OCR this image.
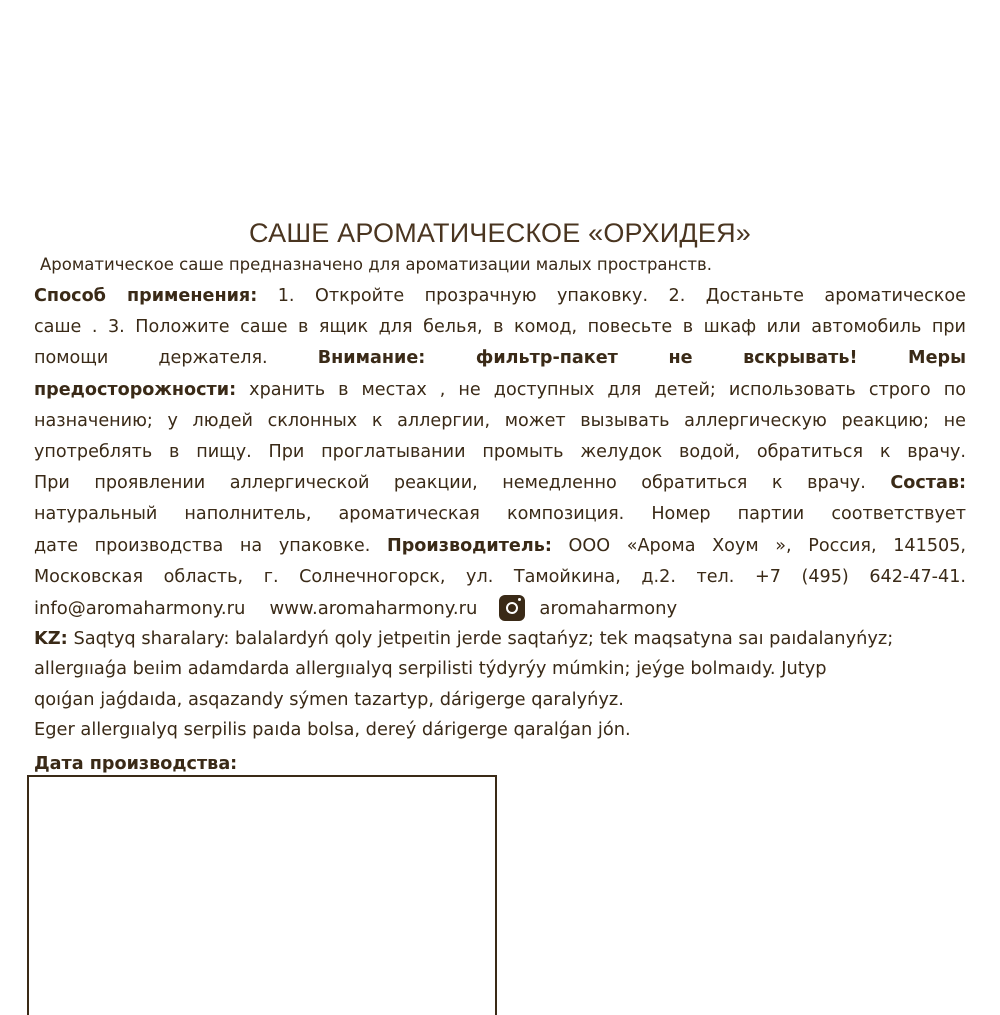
САШЕ АРОМАТИЧЕСКОЕ «ОРХИДЕЯ»
Ароматическое саше предназначено для ароматизации малых пространств.
Способ применения: 1. Откройте прозрачную упаковку. 2. Достаньте ароматическое
саше . 3. Положите саше в ящик для белья, в комод, повесьте в шкаф или автомобиль при
помощи держателя.	Внимание: фильтр-пакет не вскрывать! Меры
предосторожности: хранить в местах , не доступных для детей; использовать строго по
назначению; у людей склонных к аллергии, может вызывать аллергическую реакцию; не
употреблять в пищу. При проглатывании промыть желудок водой, обратиться к врачу.
При проявлении аллергической реакции, немедленно обратиться к врачу. Состав:
натуральный наполнитель, ароматическая композиция. Номер партии соответствует
дате производства на упаковке. Производитель: ООО «Арома Хоум », Россия, 141505,
Московская область, г. Солнечногорск, ул. Тамойкина, д.2. тел. +7 (495) 642-47-41.
info@aromaharmony.ru www.aromaharmony.ru	aromaharmony
KZ: Saqtyq sharalary: balalardyń qoly jetpeıtin jerde saqtańyz; tek maqsatyna saı paıdalanyńyz;
allergııaǵa beıim adamdarda allergııalyq serpilisti týdyrýy múmkin; jeýge bolmaıdy. Jutyp
qoıǵan jaǵdaıda, asqazandy sýmen tazartyp, dárigerge qaralyńyz.
Eger allergııalyq serpilis paıda bolsa, dereý dárigerge qaralǵan jón.
Дата производства:
